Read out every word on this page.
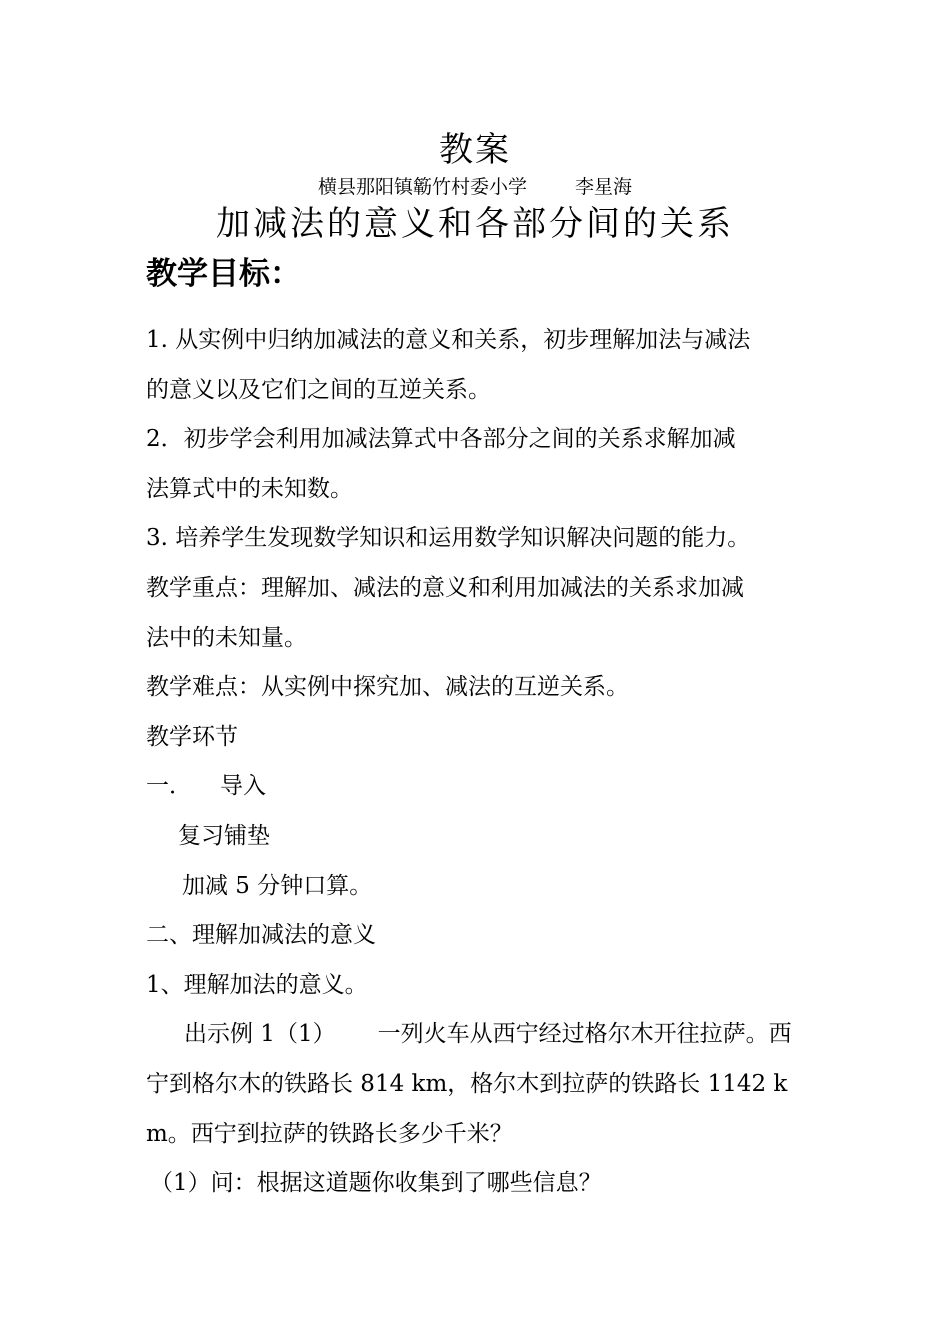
教案
横县那阳镇簕竹村委小学	李星海
加减法的意义和各部分间的关系
教学目标：
1. 从实例中归纳加减法的意义和关系，初步理解加法与减法
的意义以及它们之间的互逆关系。
2．初步学会利用加减法算式中各部分之间的关系求解加减
法算式中的未知数。
3. 培养学生发现数学知识和运用数学知识解决问题的能力。
教学重点：理解加、减法的意义和利用加减法的关系求加减
法中的未知量。
教学难点：从实例中探究加、减法的互逆关系。
教学环节
一． 导入
复习铺垫
加减 5 分钟口算。
二、理解加减法的意义
1、理解加法的意义。
出示例 1（1） 一列火车从西宁经过格尔木开往拉萨。西
宁到格尔木的铁路长 814 km，格尔木到拉萨的铁路长 1142 k
m。西宁到拉萨的铁路长多少千米？
（1）问：根据这道题你收集到了哪些信息？
